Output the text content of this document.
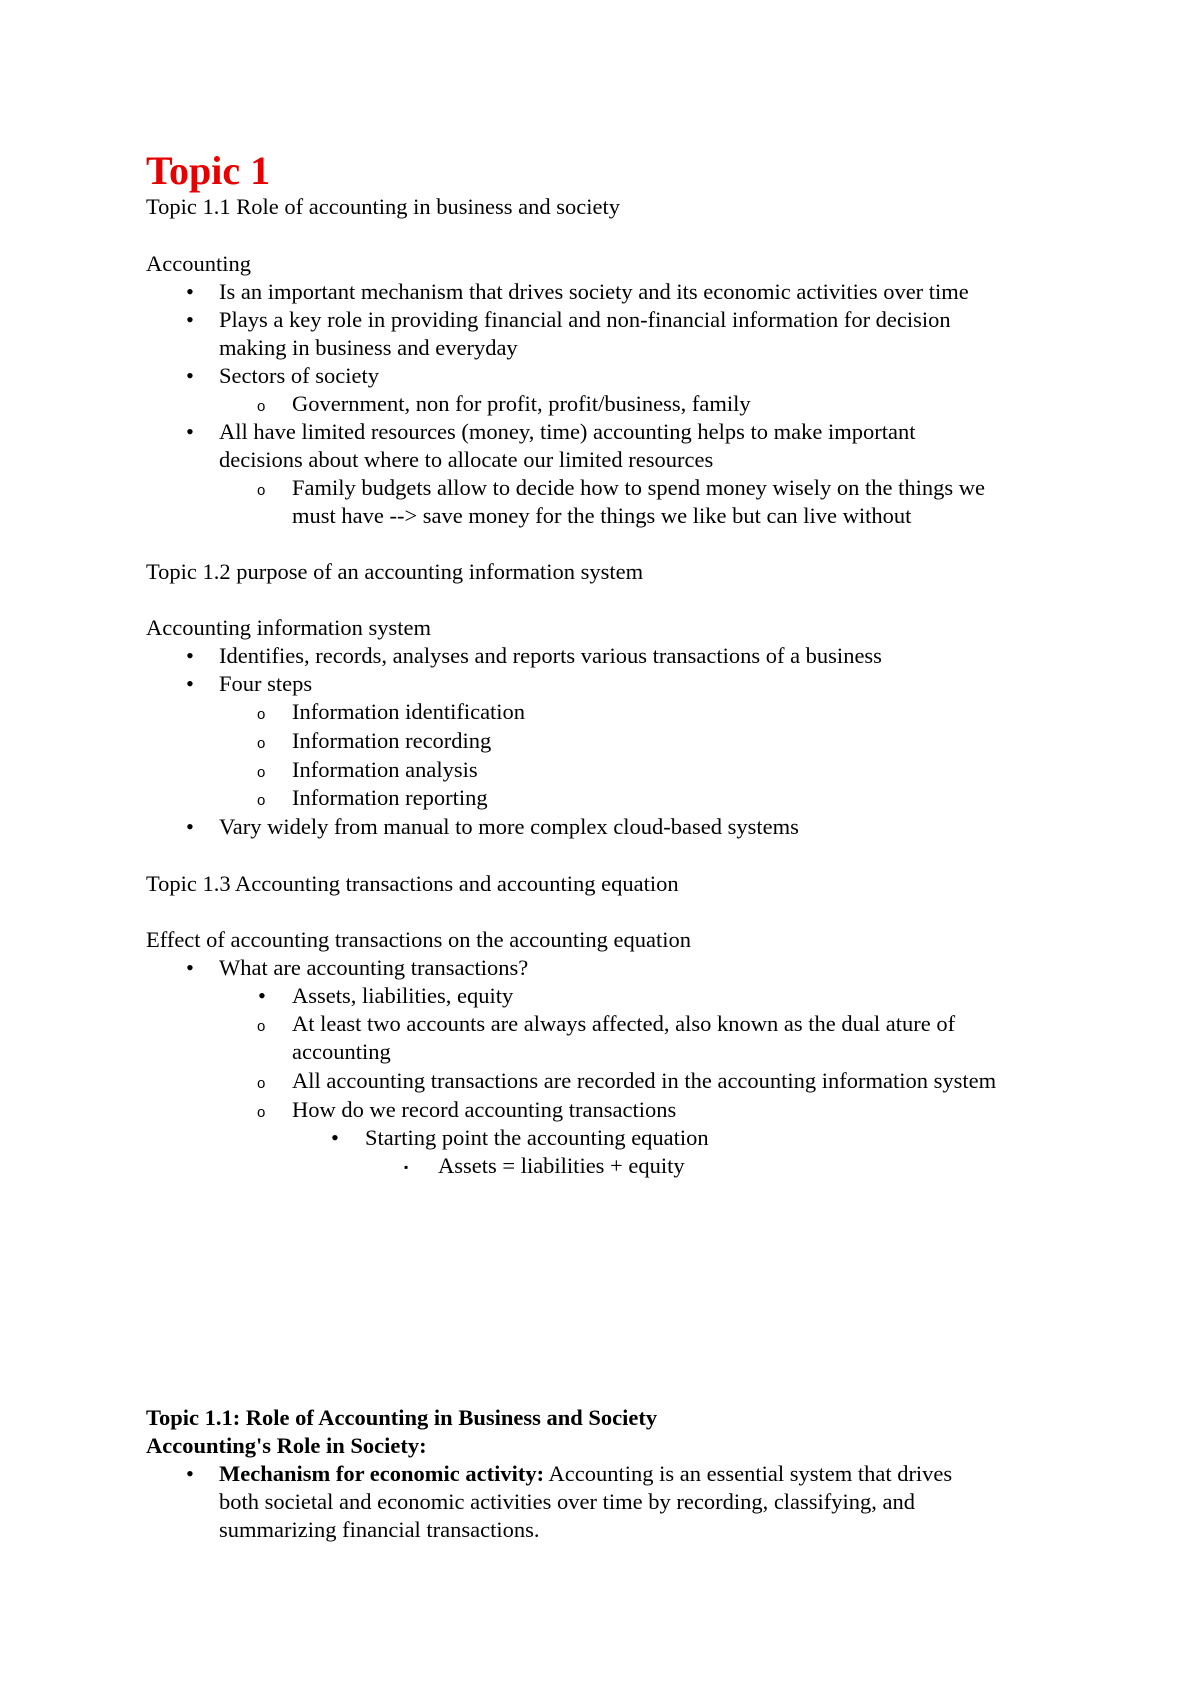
Topic 1
Topic 1.1 Role of accounting in business and society
Accounting
•
Is an important mechanism that drives society and its economic activities over time
•
Plays a key role in providing financial and non-financial information for decision
making in business and everyday
•
Sectors of society
o Government, non for profit, profit/business, family
•
All have limited resources (money, time) accounting helps to make important
decisions about where to allocate our limited resources
o Family budgets allow to decide how to spend money wisely on the things we
must have --> save money for the things we like but can live without
Topic 1.2 purpose of an accounting information system
Accounting information system
•
Identifies, records, analyses and reports various transactions of a business
•
Four steps
o Information identification
o Information recording
o Information analysis
o Information reporting
•
Vary widely from manual to more complex cloud-based systems
Topic 1.3 Accounting transactions and accounting equation
Effect of accounting transactions on the accounting equation
•
What are accounting transactions?
•
Assets, liabilities, equity
o At least two accounts are always affected, also known as the dual ature of
accounting
o All accounting transactions are recorded in the accounting information system
o How do we record accounting transactions
•
Starting point the accounting equation
▪ Assets = liabilities + equity
Topic 1.1: Role of Accounting in Business and Society
Accounting's Role in Society:
•
Mechanism for economic activity: Accounting is an essential system that drives
both societal and economic activities over time by recording, classifying, and
summarizing financial transactions.
